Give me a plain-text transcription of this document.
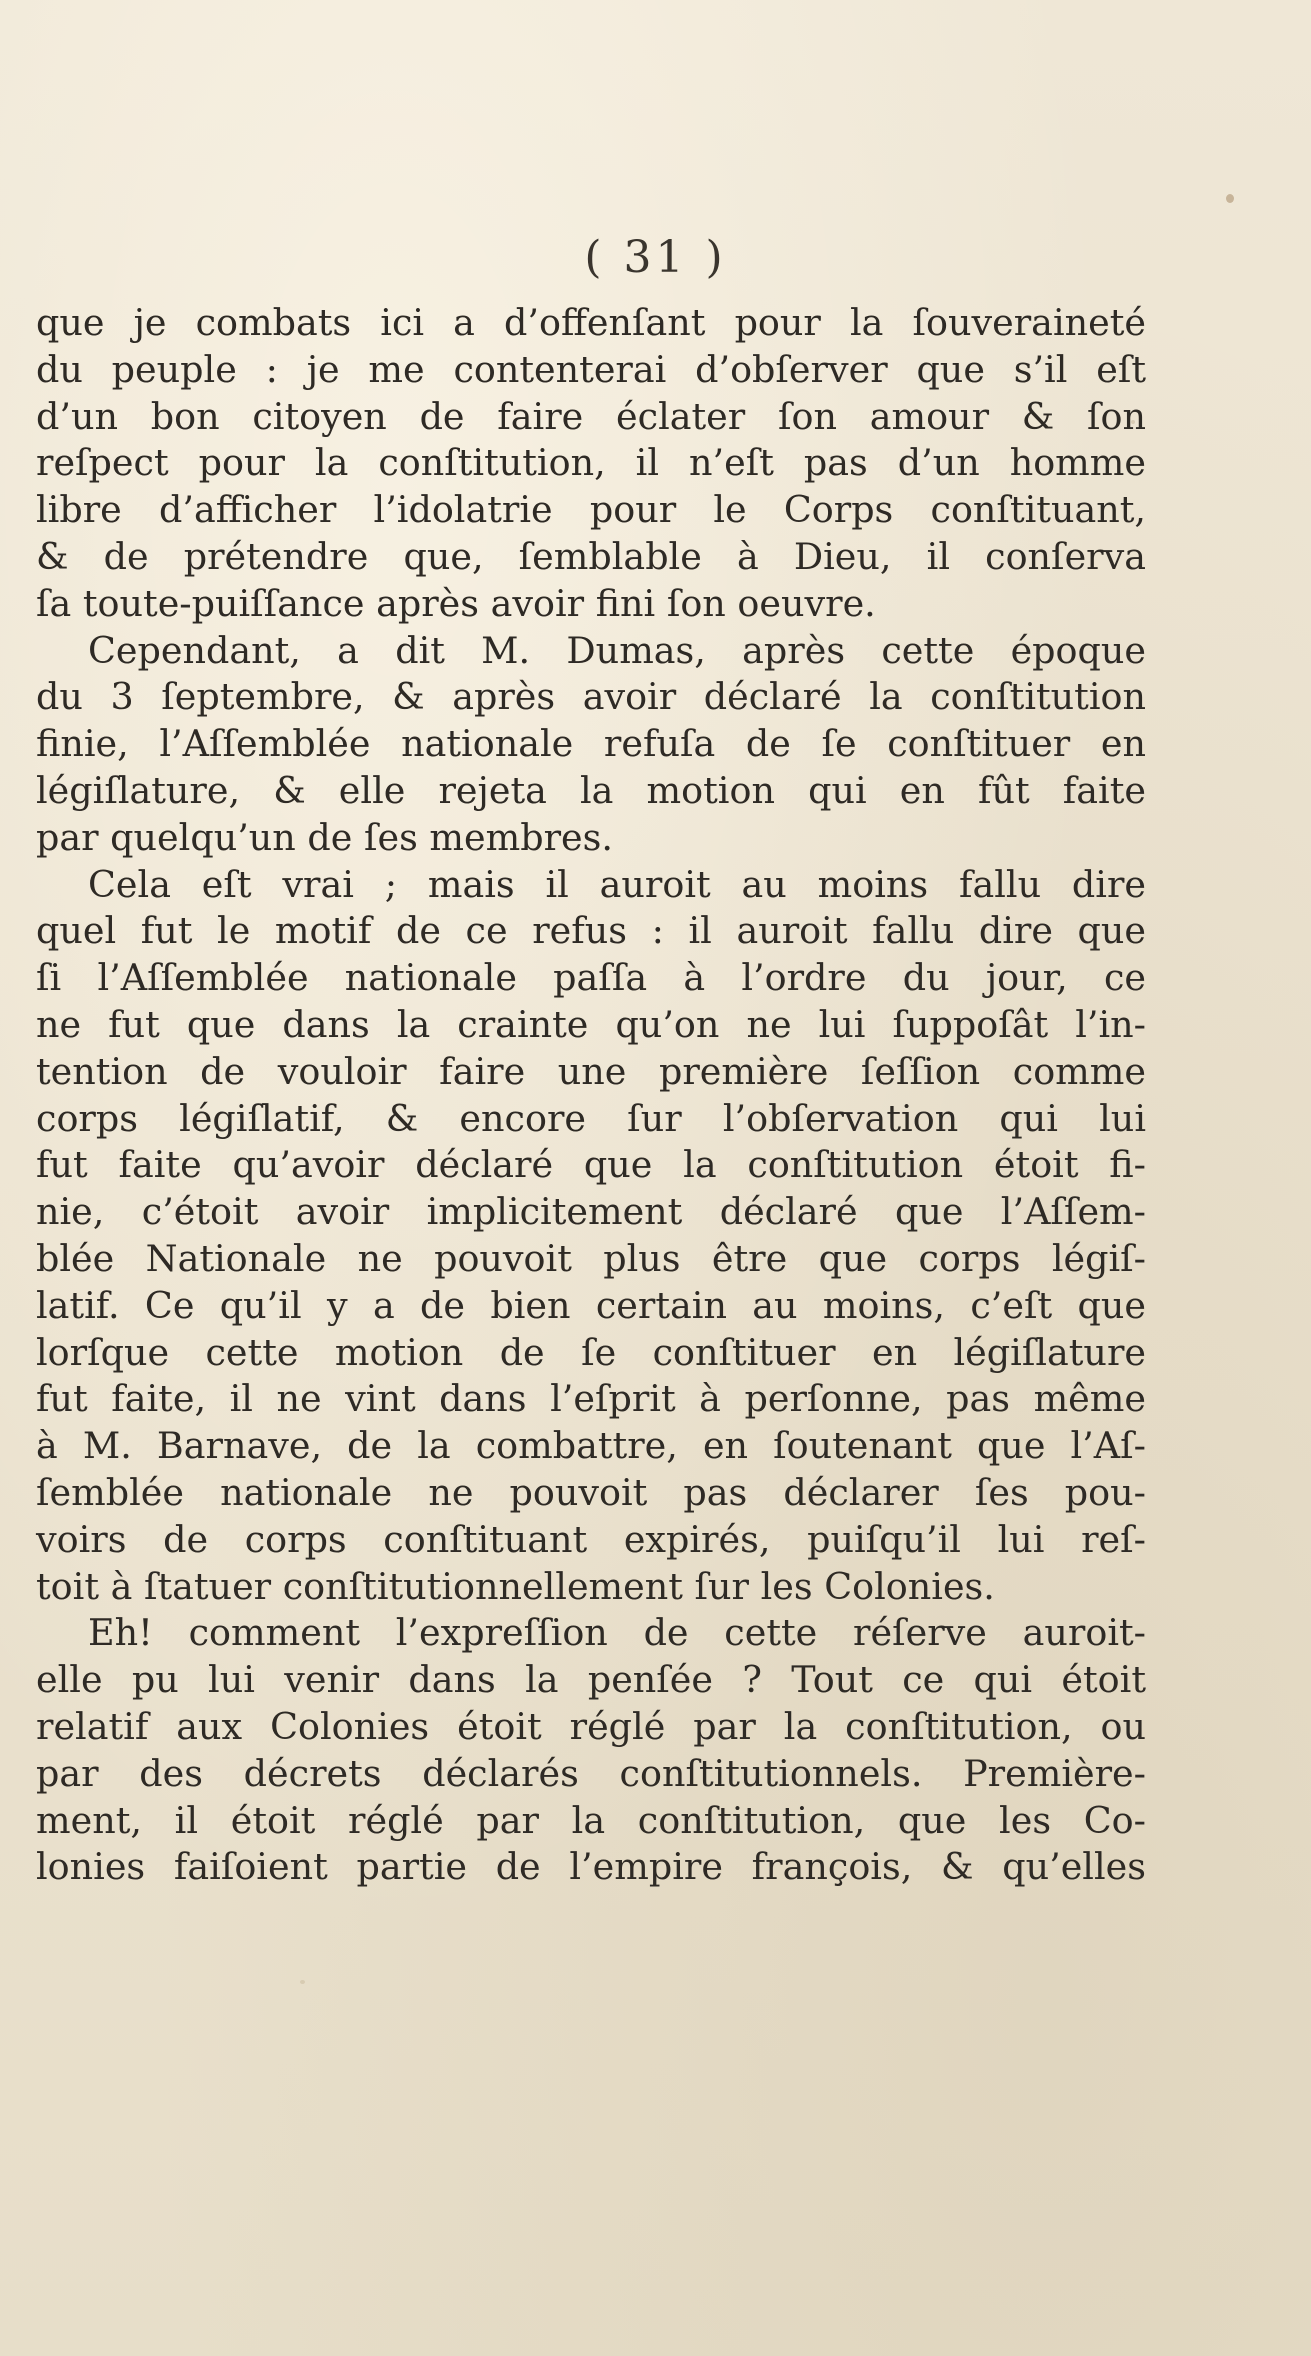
( 31 )
que je combats ici a d’offenſant pour la ſouveraineté
du peuple : je me contenterai d’obſerver que s’il eſt
d’un bon citoyen de faire éclater ſon amour & ſon
reſpect pour la conſtitution, il n’eſt pas d’un homme
libre d’afficher l’idolatrie pour le Corps conſtituant,
& de prétendre que, ſemblable à Dieu, il conſerva
ſa toute-puiſſance après avoir fini ſon oeuvre.
Cependant, a dit M. Dumas, après cette époque
du 3 ſeptembre, & après avoir déclaré la conſtitution
finie, l’Aſſemblée nationale refuſa de ſe conſtituer en
légiſlature, & elle rejeta la motion qui en fût faite
par quelqu’un de ſes membres.
Cela eſt vrai ; mais il auroit au moins fallu dire
quel fut le motif de ce refus : il auroit fallu dire que
ſi l’Aſſemblée nationale paſſa à l’ordre du jour, ce
ne fut que dans la crainte qu’on ne lui ſuppoſât l’in-
tention de vouloir faire une première ſeſſion comme
corps légiſlatif, & encore ſur l’obſervation qui lui
fut faite qu’avoir déclaré que la conſtitution étoit fi-
nie, c’étoit avoir implicitement déclaré que l’Aſſem-
blée Nationale ne pouvoit plus être que corps légiſ-
latif. Ce qu’il y a de bien certain au moins, c’eſt que
lorſque cette motion de ſe conſtituer en légiſlature
fut faite, il ne vint dans l’eſprit à perſonne, pas même
à M. Barnave, de la combattre, en ſoutenant que l’Aſ-
ſemblée nationale ne pouvoit pas déclarer ſes pou-
voirs de corps conſtituant expirés, puiſqu’il lui reſ-
toit à ſtatuer conſtitutionnellement ſur les Colonies.
Eh! comment l’expreſſion de cette réſerve auroit-
elle pu lui venir dans la penſée ? Tout ce qui étoit
relatif aux Colonies étoit réglé par la conſtitution, ou
par des décrets déclarés conſtitutionnels. Premièrе-
ment, il étoit réglé par la conſtitution, que les Co-
lonies faiſoient partie de l’empire françois, & qu’elles
